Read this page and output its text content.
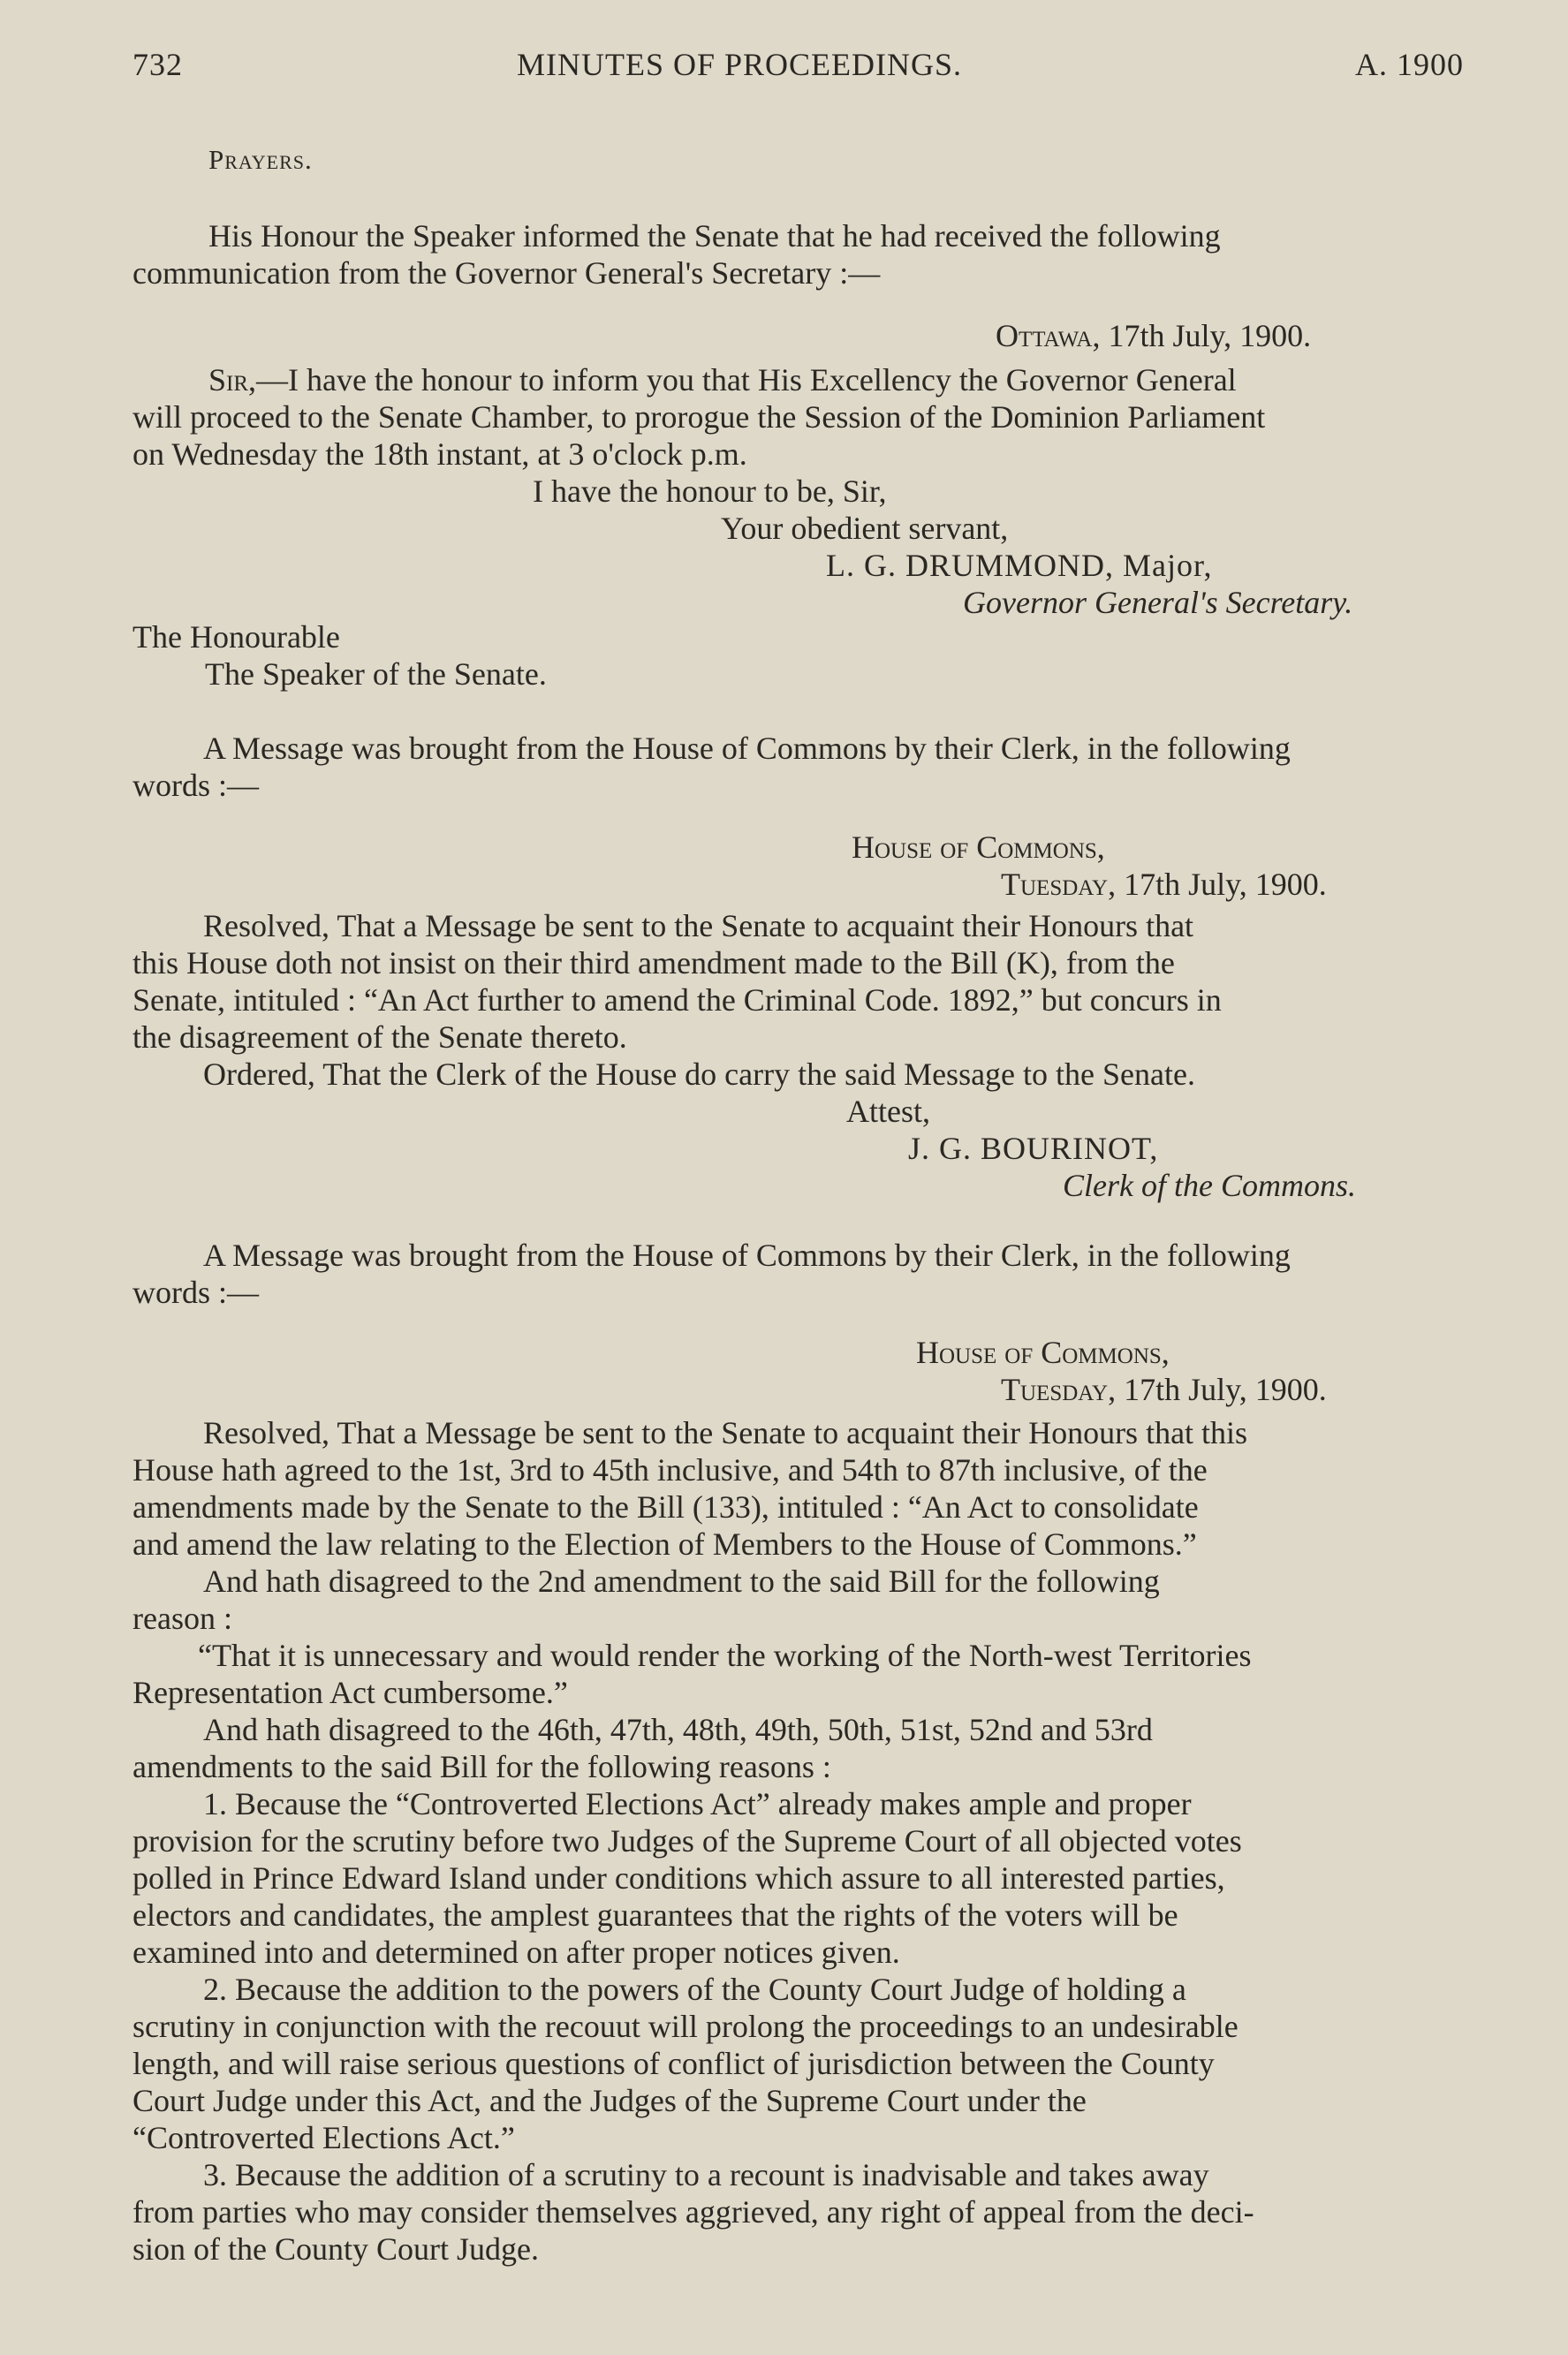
732	MINUTES OF PROCEEDINGS.	A. 1900
Prayers.
His Honour the Speaker informed the Senate that he had received the following
communication from the Governor General's Secretary :—
Ottawa, 17th July, 1900.
Sir,—I have the honour to inform you that His Excellency the Governor General
will proceed to the Senate Chamber, to prorogue the Session of the Dominion Parliament
on Wednesday the 18th instant, at 3 o'clock p.m.
I have the honour to be, Sir,
Your obedient servant,
L. G. DRUMMOND, Major,
Governor General's Secretary.
The Honourable
The Speaker of the Senate.
A Message was brought from the House of Commons by their Clerk, in the following
words :—
House of Commons,
Tuesday, 17th July, 1900.
Resolved, That a Message be sent to the Senate to acquaint their Honours that
this House doth not insist on their third amendment made to the Bill (K), from the
Senate, intituled : “An Act further to amend the Criminal Code. 1892,” but concurs in
the disagreement of the Senate thereto.
Ordered, That the Clerk of the House do carry the said Message to the Senate.
Attest,
J. G. BOURINOT,
Clerk of the Commons.
A Message was brought from the House of Commons by their Clerk, in the following
words :—
House of Commons,
Tuesday, 17th July, 1900.
Resolved, That a Message be sent to the Senate to acquaint their Honours that this
House hath agreed to the 1st, 3rd to 45th inclusive, and 54th to 87th inclusive, of the
amendments made by the Senate to the Bill (133), intituled : “An Act to consolidate
and amend the law relating to the Election of Members to the House of Commons.”
And hath disagreed to the 2nd amendment to the said Bill for the following
reason :
“That it is unnecessary and would render the working of the North-west Territories
Representation Act cumbersome.”
And hath disagreed to the 46th, 47th, 48th, 49th, 50th, 51st, 52nd and 53rd
amendments to the said Bill for the following reasons :
1. Because the “Controverted Elections Act” already makes ample and proper
provision for the scrutiny before two Judges of the Supreme Court of all objected votes
polled in Prince Edward Island under conditions which assure to all interested parties,
electors and candidates, the amplest guarantees that the rights of the voters will be
examined into and determined on after proper notices given.
2. Because the addition to the powers of the County Court Judge of holding a
scrutiny in conjunction with the recouut will prolong the proceedings to an undesirable
length, and will raise serious questions of conflict of jurisdiction between the County
Court Judge under this Act, and the Judges of the Supreme Court under the
“Controverted Elections Act.”
3. Because the addition of a scrutiny to a recount is inadvisable and takes away
from parties who may consider themselves aggrieved, any right of appeal from the deci-
sion of the County Court Judge.
